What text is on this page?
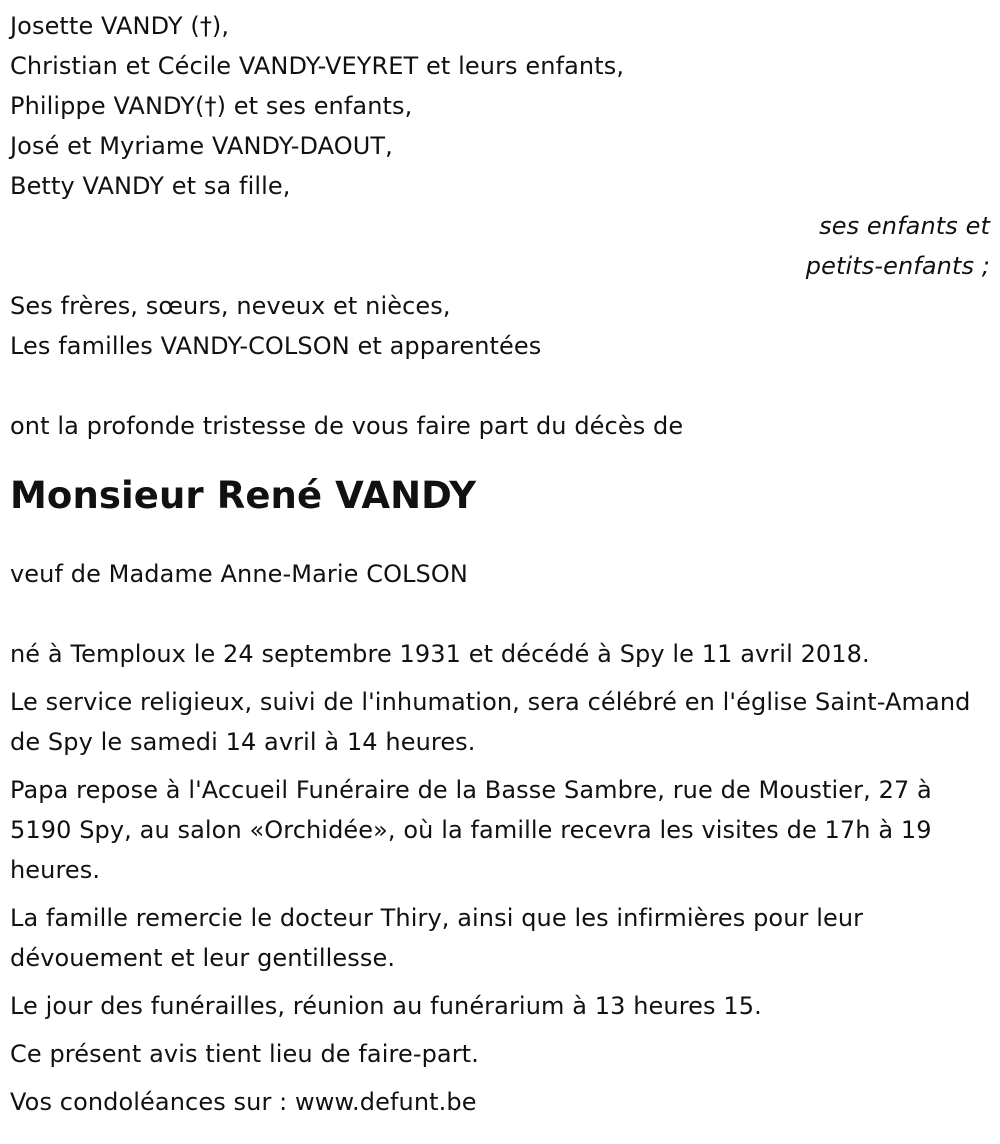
Josette VANDY (†),
Christian et Cécile VANDY-VEYRET et leurs enfants,
Philippe VANDY(†) et ses enfants,
José et Myriame VANDY-DAOUT,
Betty VANDY et sa fille,
ses enfants et
petits-enfants ;
Ses frères, sœurs, neveux et nièces,
Les familles VANDY-COLSON et apparentées
ont la profonde tristesse de vous faire part du décès de
Monsieur René VANDY
veuf de Madame Anne-Marie COLSON
né à Temploux le 24 septembre 1931 et décédé à Spy le 11 avril 2018.
Le service religieux, suivi de l'inhumation, sera célébré en l'église Saint-Amand de Spy le samedi 14 avril à 14 heures.
Papa repose à l'Accueil Funéraire de la Basse Sambre, rue de Moustier, 27 à 5190 Spy, au salon «Orchidée», où la famille recevra les visites de 17h à 19 heures.
La famille remercie le docteur Thiry, ainsi que les infirmières pour leur dévouement et leur gentillesse.
Le jour des funérailles, réunion au funérarium à 13 heures 15.
Ce présent avis tient lieu de faire-part.
Vos condoléances sur : www.defunt.be
